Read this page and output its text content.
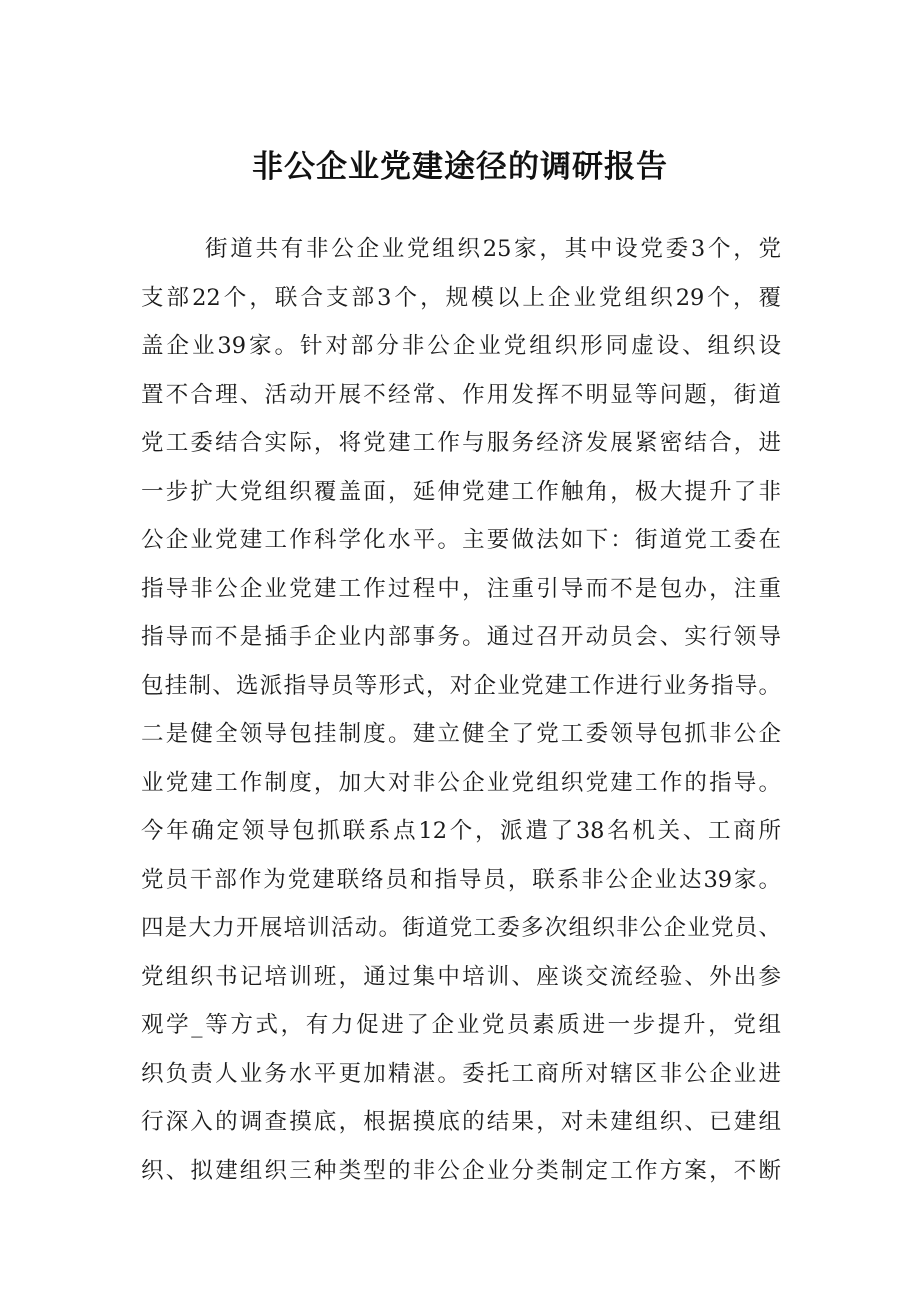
非公企业党建途径的调研报告
街道共有非公企业党组织25家，其中设党委3个，党
支部22个，联合支部3个，规模以上企业党组织29个，覆
盖企业39家。针对部分非公企业党组织形同虚设、组织设
置不合理、活动开展不经常、作用发挥不明显等问题，街道
党工委结合实际，将党建工作与服务经济发展紧密结合，进
一步扩大党组织覆盖面，延伸党建工作触角，极大提升了非
公企业党建工作科学化水平。主要做法如下：街道党工委在
指导非公企业党建工作过程中，注重引导而不是包办，注重
指导而不是插手企业内部事务。通过召开动员会、实行领导
包挂制、选派指导员等形式，对企业党建工作进行业务指导。
二是健全领导包挂制度。建立健全了党工委领导包抓非公企
业党建工作制度，加大对非公企业党组织党建工作的指导。
今年确定领导包抓联系点12个，派遣了38名机关、工商所
党员干部作为党建联络员和指导员，联系非公企业达39家。
四是大力开展培训活动。街道党工委多次组织非公企业党员、
党组织书记培训班，通过集中培训、座谈交流经验、外出参
观学_等方式，有力促进了企业党员素质进一步提升，党组
织负责人业务水平更加精湛。委托工商所对辖区非公企业进
行深入的调查摸底，根据摸底的结果，对未建组织、已建组
织、拟建组织三种类型的非公企业分类制定工作方案，不断
